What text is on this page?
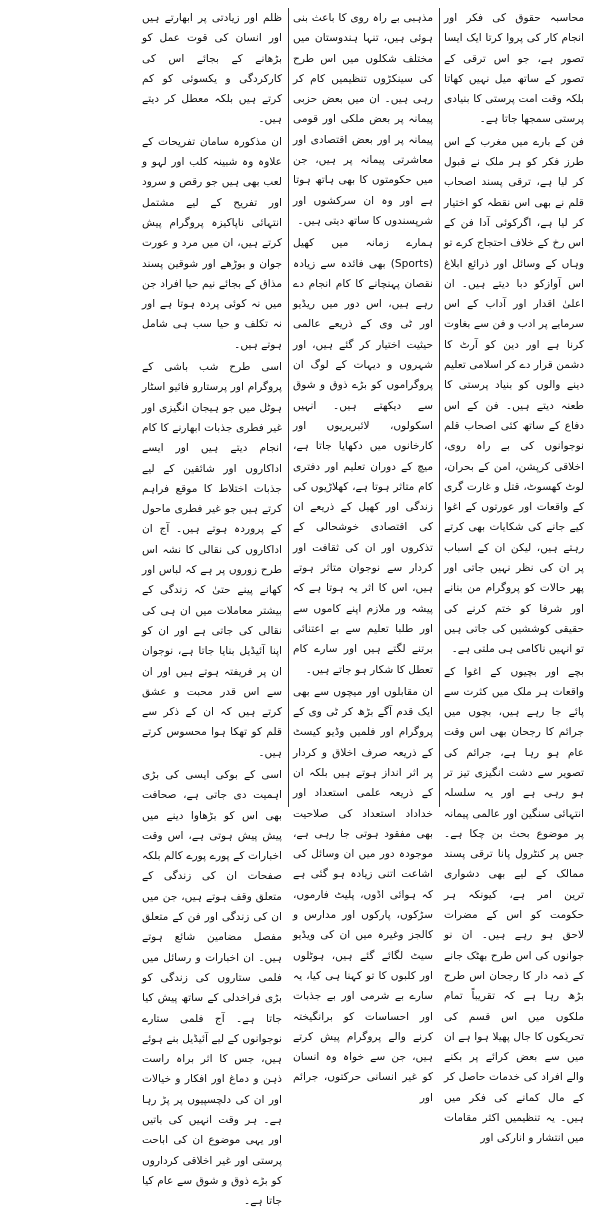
محاسبہ حقوق کی فکر اور انجام کار کی پروا کرتا ایک ایسا تصور ہے، جو اس ترقی کے تصور کے ساتھ میل نہیں کھاتا بلکہ وقت امت پرستی کا بنیادی پرستی سمجھا جاتا ہے۔

فن کے بارے میں مغرب کے اس طرز فکر کو ہر ملک نے قبول کر لیا ہے، ترقی پسند اصحاب قلم نے بھی اس نقطہ کو اختیار کر لیا ہے، اگرکوئی آدا فن کے اس رخ کے خلاف احتجاج کرے تو وہاں کے وسائل اور ذرائع ابلاغ اس آوازکو دبا دیتے ہیں۔ ان اعلیٰ اقدار اور آداب کے اس سرمایے پر ادب و فن سے بغاوت کرنا ہے اور دین کو آرٹ کا دشمن قرار دے کر اسلامی تعلیم دینے والوں کو بنیاد پرستی کا طعنہ دیتے ہیں۔ فن کے اس دفاع کے ساتھ کئی اصحاب قلم نوجوانوں کی بے راہ روی، اخلاقی کرپشن، امن کے بحران، لوٹ کھسوٹ، قتل و غارت گری کے واقعات اور عورتوں کے اغوا کیے جانے کی شکایات بھی کرتے رہتے ہیں، لیکن ان کے اسباب پر ان کی نظر نہیں جاتی اور پھر حالات کو پروگرام من بنانے اور شرفا کو ختم کرنے کی حقیقی کوششیں کی جاتی ہیں تو انہیں ناکامی ہی ملتی ہے۔

بچے اور بچیوں کے اغوا کے واقعات ہر ملک میں کثرت سے پائے جا رہے ہیں، بچوں میں جرائم کا رجحان بھی اس وقت عام ہو رہا ہے، جرائم کی تصویر سے دشت انگیزی تیز تر ہو رہی ہے اور یہ سلسلہ انتہائی سنگین اور عالمی پیمانہ پر موضوع بحث بن چکا ہے۔ جس پر کنٹرول پانا ترقی پسند ممالک کے لیے بھی دشواری ترین امر ہے، کیونکہ ہر حکومت کو اس کے مضرات لاحق ہو رہے ہیں۔ ان نو جوانوں کی اس طرح بھٹک جانے کے ذمہ دار کا رجحان اس طرح بڑھ رہا ہے کہ تقریباً تمام ملکوں میں اس قسم کی تحریکوں کا جال پھیلا ہوا ہے ان میں سے بعض کرائے پر بکنے والے افراد کی خدمات حاصل کر کے مال کمانے کی فکر میں ہیں۔ یہ تنظیمیں اکثر مقامات میں انتشار و انارکی اور

مذہبی بے راہ روی کا باعث بنی ہوئی ہیں، تنہا ہندوستان میں مختلف شکلوں میں اس طرح کی سینکڑوں تنظیمیں کام کر رہی ہیں۔ ان میں بعض حزبی پیمانہ پر بعض ملکی اور قومی پیمانہ پر اور بعض اقتصادی اور معاشرتی پیمانہ پر ہیں، جن میں حکومتوں کا بھی ہاتھ ہوتا ہے اور وہ ان سرکشوں اور شرپسندوں کا ساتھ دیتی ہیں۔

ہمارے زمانہ میں کھیل (Sports) بھی فائدہ سے زیادہ نقصان پہنچانے کا کام انجام دے رہے ہیں، اس دور میں ریڈیو اور ٹی وی کے ذریعے عالمی حیثیت اختیار کر گئے ہیں، اور شہروں و دیہات کے لوگ ان پروگراموں کو بڑے ذوق و شوق سے دیکھتے ہیں۔ انہیں اسکولوں، لائبریریوں اور کارخانوں میں دکھایا جاتا ہے، میچ کے دوران تعلیم اور دفتری کام متاثر ہوتا ہے، کھلاڑیوں کی زندگی اور کھیل کے ذریعے ان کی اقتصادی خوشحالی کے تذکروں اور ان کی ثقافت اور کردار سے نوجوان متاثر ہوتے ہیں، اس کا اثر یہ ہوتا ہے کہ پیشہ ور ملازم اپنے کاموں سے اور طلبا تعلیم سے بے اعتنائی برتنے لگتے ہیں اور سارے کام تعطل کا شکار ہو جاتے ہیں۔

ان مقابلوں اور میچوں سے بھی ایک قدم آگے بڑھ کر ٹی وی کے پروگرام اور فلمیں وڈیو کیسٹ کے ذریعہ صرف اخلاق و کردار پر اثر انداز ہوتے ہیں بلکہ ان کے ذریعہ علمی استعداد اور خداداد استعداد کی صلاحیت بھی مفقود ہوتی جا رہی ہے، موجودہ دور میں ان وسائل کی اشاعت اتنی زیادہ ہو گئی ہے کہ ہوائی اڈوں، پلیٹ فارموں، سڑکوں، پارکوں اور مدارس و کالجز وغیرہ میں ان کی ویڈیو سیٹ لگائے گئے ہیں، ہوٹلوں اور کلبوں کا تو کہنا ہی کیا، یہ سارے بے شرمی اور بے جذبات اور احساسات کو برانگیختہ کرنے والے پروگرام پیش کرتے ہیں، جن سے خواہ وہ انسان کو غیر انسانی حرکتوں، جرائم اور

ظلم اور زیادتی پر ابھارتے ہیں اور انسان کی قوت عمل کو بڑھانے کے بجائے اس کی کارکردگی و یکسوئی کو کم کرتے ہیں بلکہ معطل کر دیتے ہیں۔

ان مذکورہ سامان تفریحات کے علاوہ وہ شبینہ کلب اور لہو و لعب بھی ہیں جو رقص و سرود اور تفریح کے لیے مشتمل انتہائی ناپاکیزہ پروگرام پیش کرتے ہیں، ان میں مرد و عورت جوان و بوڑھے اور شوقین پسند مذاق کے بجائے نیم حیا افراد جن میں نہ کوئی پردہ ہوتا ہے اور نہ تکلف و حیا سب ہی شامل ہوتے ہیں۔

اسی طرح شب باشی کے پروگرام اور پرستارو فائیو اسٹار ہوٹل میں جو ہیجان انگیزی اور غیر فطری جذبات ابھارنے کا کام انجام دیتے ہیں اور ایسے اداکاروں اور شائقین کے لیے جذبات اختلاط کا موقع فراہم کرتے ہیں جو غیر فطری ماحول کے پروردہ ہوتے ہیں۔ آج ان اداکاروں کی نقالی کا نشہ اس طرح زوروں پر ہے کہ لباس اور کھانے پینے حتیٰ کہ زندگی کے بیشتر معاملات میں ان ہی کی نقالی کی جاتی ہے اور ان کو اپنا آئیڈیل بنایا جاتا ہے، نوجوان ان پر فریفتہ ہوتے ہیں اور ان سے اس قدر محبت و عشق کرتے ہیں کہ ان کے ذکر سے قلم کو تھکا ہوا محسوس کرتے ہیں۔

اسی کے بوکی ایسی کی بڑی اہمیت دی جاتی ہے، صحافت بھی اس کو بڑھاوا دینے میں پیش پیش ہوتی ہے، اس وقت اخبارات کے پورے پورے کالم بلکہ صفحات ان کی زندگی کے متعلق وقف ہوتے ہیں، جن میں ان کی زندگی اور فن کے متعلق مفصل مضامین شائع ہوتے ہیں۔ ان اخبارات و رسائل میں فلمی ستاروں کی زندگی کو بڑی فراخدلی کے ساتھ پیش کیا جاتا ہے۔ آج فلمی ستارے نوجوانوں کے لیے آئیڈیل بنے ہوئے ہیں، جس کا اثر براہ راست ذہن و دماغ اور افکار و خیالات اور ان کی دلچسپیوں پر پڑ رہا ہے۔ ہر وقت انہیں کی باتیں اور یہی موضوع ان کی اباحت پرستی اور غیر اخلاقی کرداروں کو بڑے ذوق و شوق سے عام کیا جاتا ہے۔
